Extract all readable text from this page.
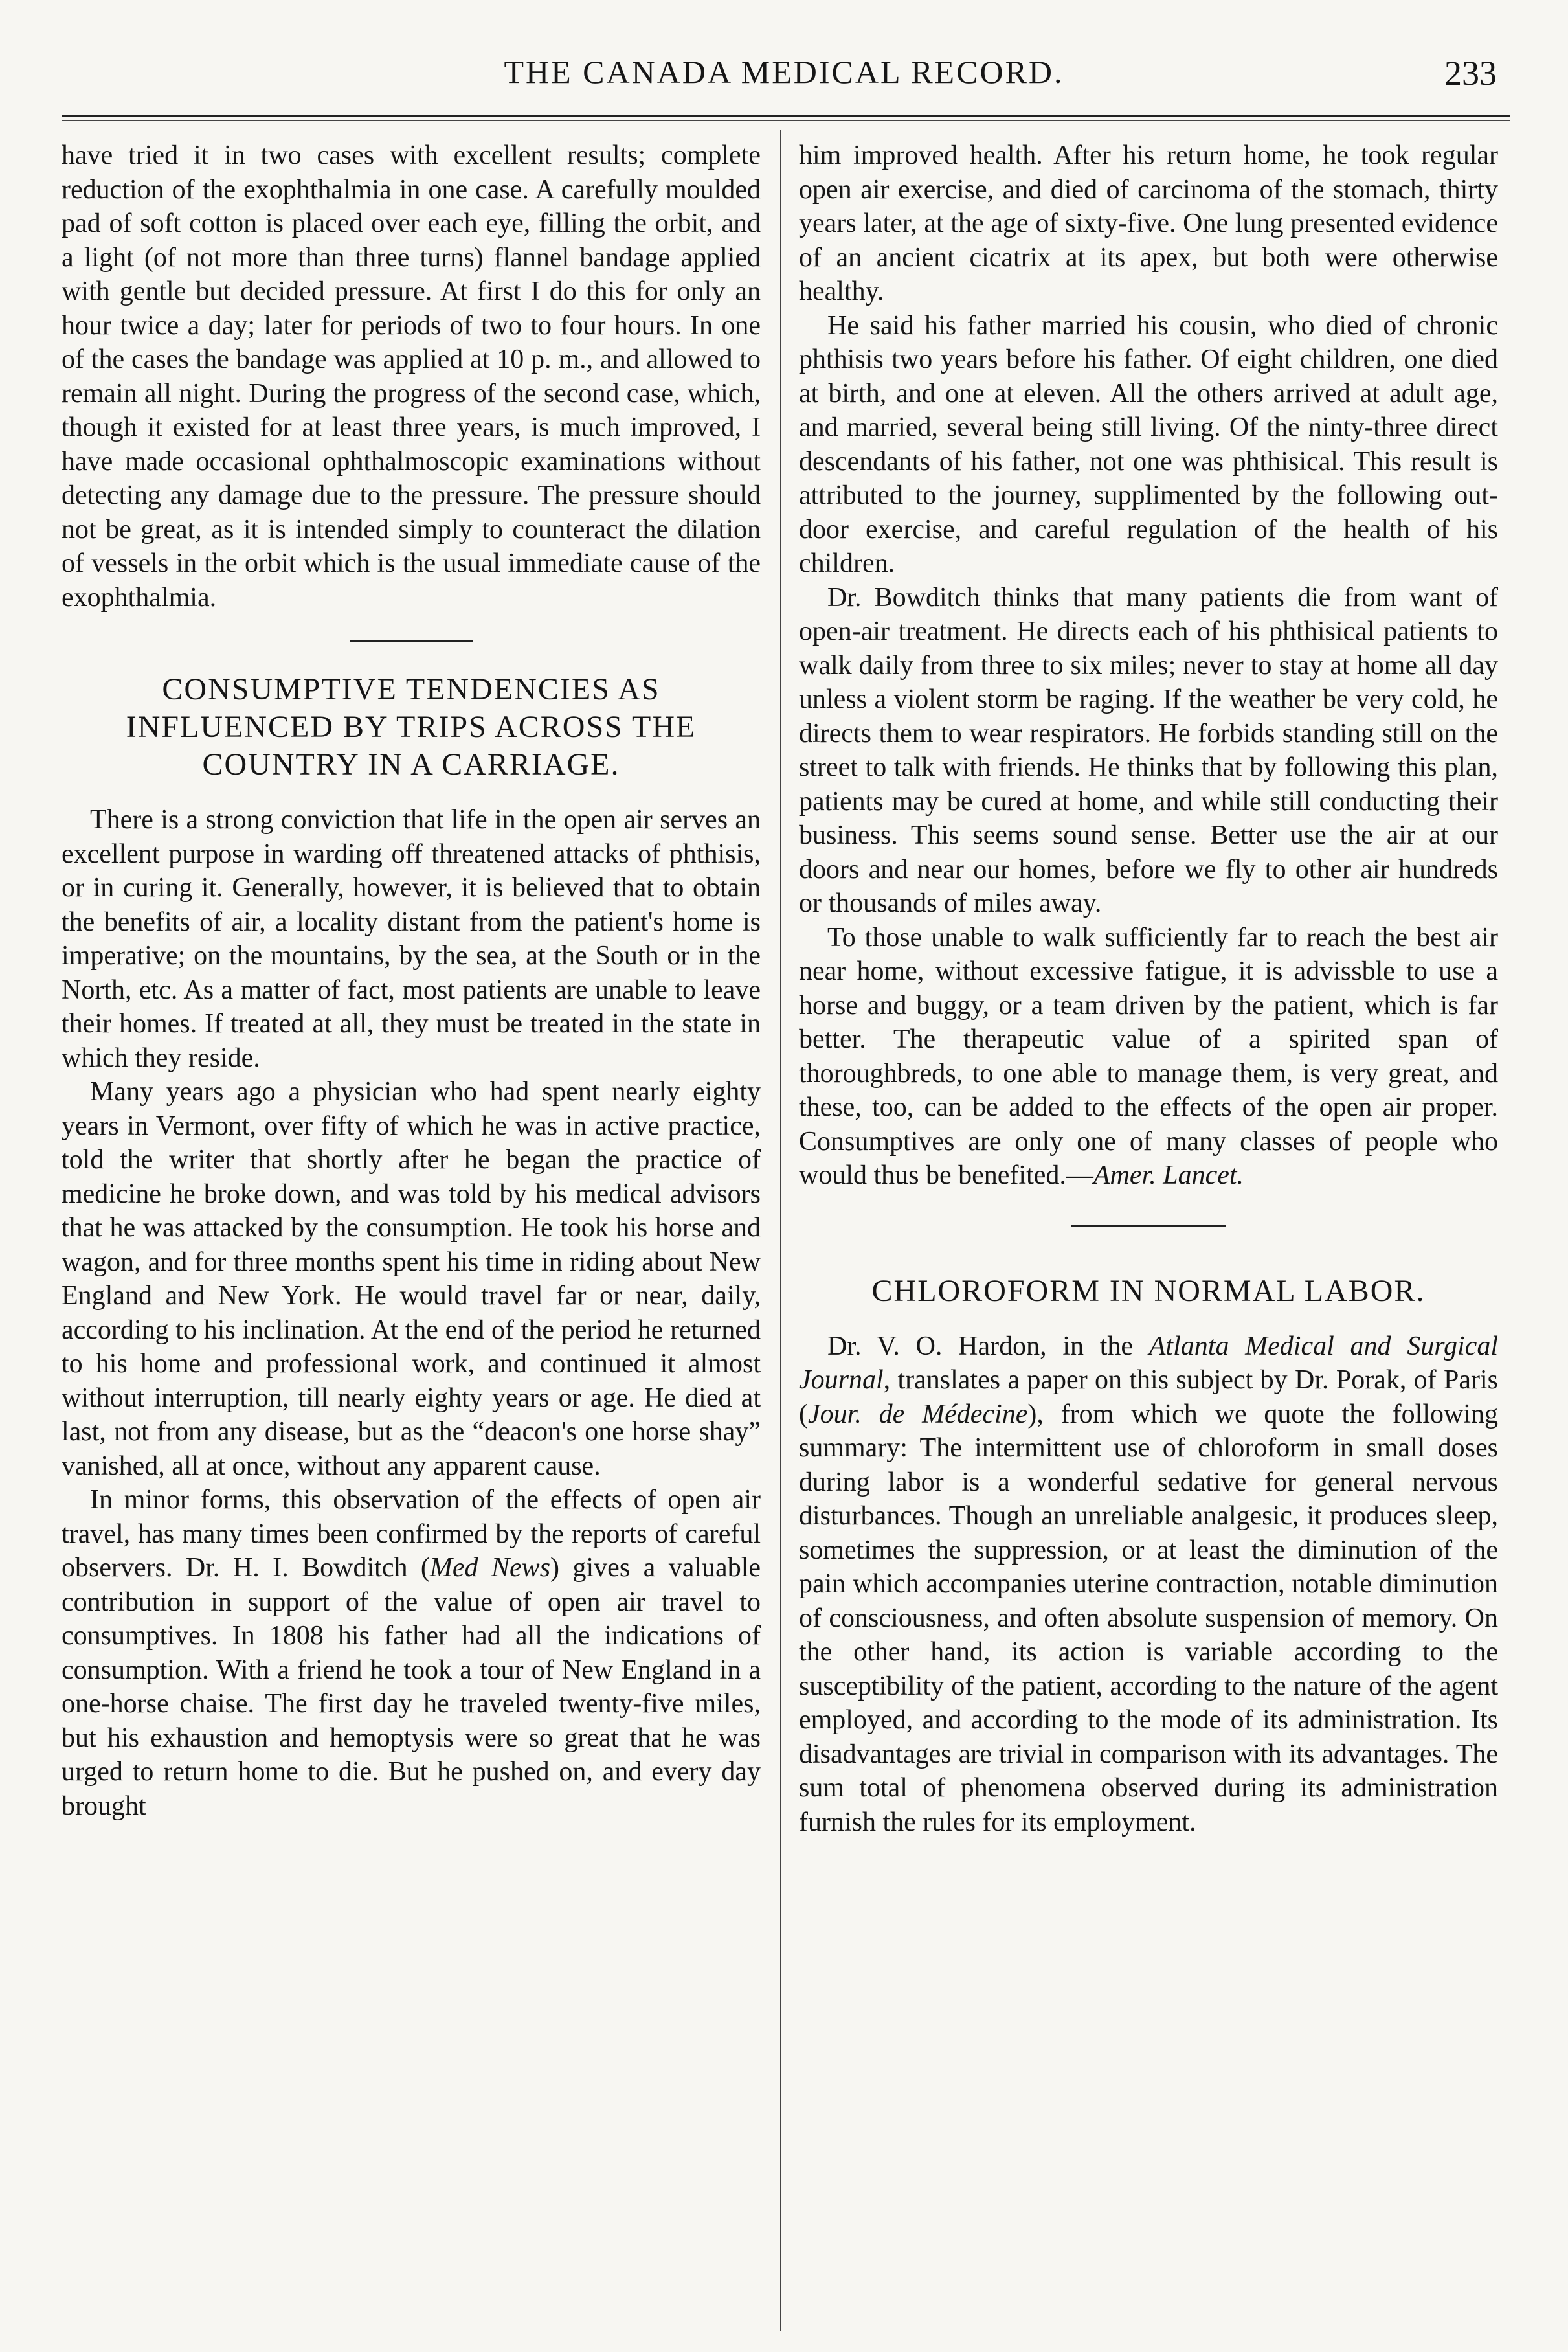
THE CANADA MEDICAL RECORD.	233

have tried it in two cases with excellent results; complete reduction of the exophthalmia in one case. A carefully moulded pad of soft cotton is placed over each eye, filling the orbit, and a light (of not more than three turns) flannel bandage applied with gentle but decided pressure. At first I do this for only an hour twice a day; later for periods of two to four hours. In one of the cases the bandage was applied at 10 p. m., and allowed to remain all night. During the progress of the second case, which, though it existed for at least three years, is much improved, I have made occasional ophthalmoscopic examinations without detecting any damage due to the pressure. The pressure should not be great, as it is intended simply to counteract the dilation of vessels in the orbit which is the usual immediate cause of the exophthalmia.

CONSUMPTIVE TENDENCIES AS INFLUENCED BY TRIPS ACROSS THE COUNTRY IN A CARRIAGE.

There is a strong conviction that life in the open air serves an excellent purpose in warding off threatened attacks of phthisis, or in curing it. Generally, however, it is believed that to obtain the benefits of air, a locality distant from the patient's home is imperative; on the mountains, by the sea, at the South or in the North, etc. As a matter of fact, most patients are unable to leave their homes. If treated at all, they must be treated in the state in which they reside.

Many years ago a physician who had spent nearly eighty years in Vermont, over fifty of which he was in active practice, told the writer that shortly after he began the practice of medicine he broke down, and was told by his medical advisors that he was attacked by the consumption. He took his horse and wagon, and for three months spent his time in riding about New England and New York. He would travel far or near, daily, according to his inclination. At the end of the period he returned to his home and professional work, and continued it almost without interruption, till nearly eighty years or age. He died at last, not from any disease, but as the “deacon's one horse shay” vanished, all at once, without any apparent cause.

In minor forms, this observation of the effects of open air travel, has many times been confirmed by the reports of careful observers. Dr. H. I. Bowditch (Med News) gives a valuable contribution in support of the value of open air travel to consumptives. In 1808 his father had all the indications of consumption. With a friend he took a tour of New England in a one-horse chaise. The first day he traveled twenty-five miles, but his exhaustion and hemoptysis were so great that he was urged to return home to die. But he pushed on, and every day brought

him improved health. After his return home, he took regular open air exercise, and died of carcinoma of the stomach, thirty years later, at the age of sixty-five. One lung presented evidence of an ancient cicatrix at its apex, but both were otherwise healthy.

He said his father married his cousin, who died of chronic phthisis two years before his father. Of eight children, one died at birth, and one at eleven. All the others arrived at adult age, and married, several being still living. Of the ninty-three direct descendants of his father, not one was phthisical. This result is attributed to the journey, supplimented by the following out-door exercise, and careful regulation of the health of his children.

Dr. Bowditch thinks that many patients die from want of open-air treatment. He directs each of his phthisical patients to walk daily from three to six miles; never to stay at home all day unless a violent storm be raging. If the weather be very cold, he directs them to wear respirators. He forbids standing still on the street to talk with friends. He thinks that by following this plan, patients may be cured at home, and while still conducting their business. This seems sound sense. Better use the air at our doors and near our homes, before we fly to other air hundreds or thousands of miles away.

To those unable to walk sufficiently far to reach the best air near home, without excessive fatigue, it is advissble to use a horse and buggy, or a team driven by the patient, which is far better. The therapeutic value of a spirited span of thoroughbreds, to one able to manage them, is very great, and these, too, can be added to the effects of the open air proper. Consumptives are only one of many classes of people who would thus be benefited.—Amer. Lancet.

CHLOROFORM IN NORMAL LABOR.

Dr. V. O. Hardon, in the Atlanta Medical and Surgical Journal, translates a paper on this subject by Dr. Porak, of Paris (Jour. de Médecine), from which we quote the following summary: The intermittent use of chloroform in small doses during labor is a wonderful sedative for general nervous disturbances. Though an unreliable analgesic, it produces sleep, sometimes the suppression, or at least the diminution of the pain which accompanies uterine contraction, notable diminution of consciousness, and often absolute suspension of memory. On the other hand, its action is variable according to the susceptibility of the patient, according to the nature of the agent employed, and according to the mode of its administration. Its disadvantages are trivial in comparison with its advantages. The sum total of phenomena observed during its administration furnish the rules for its employment.
